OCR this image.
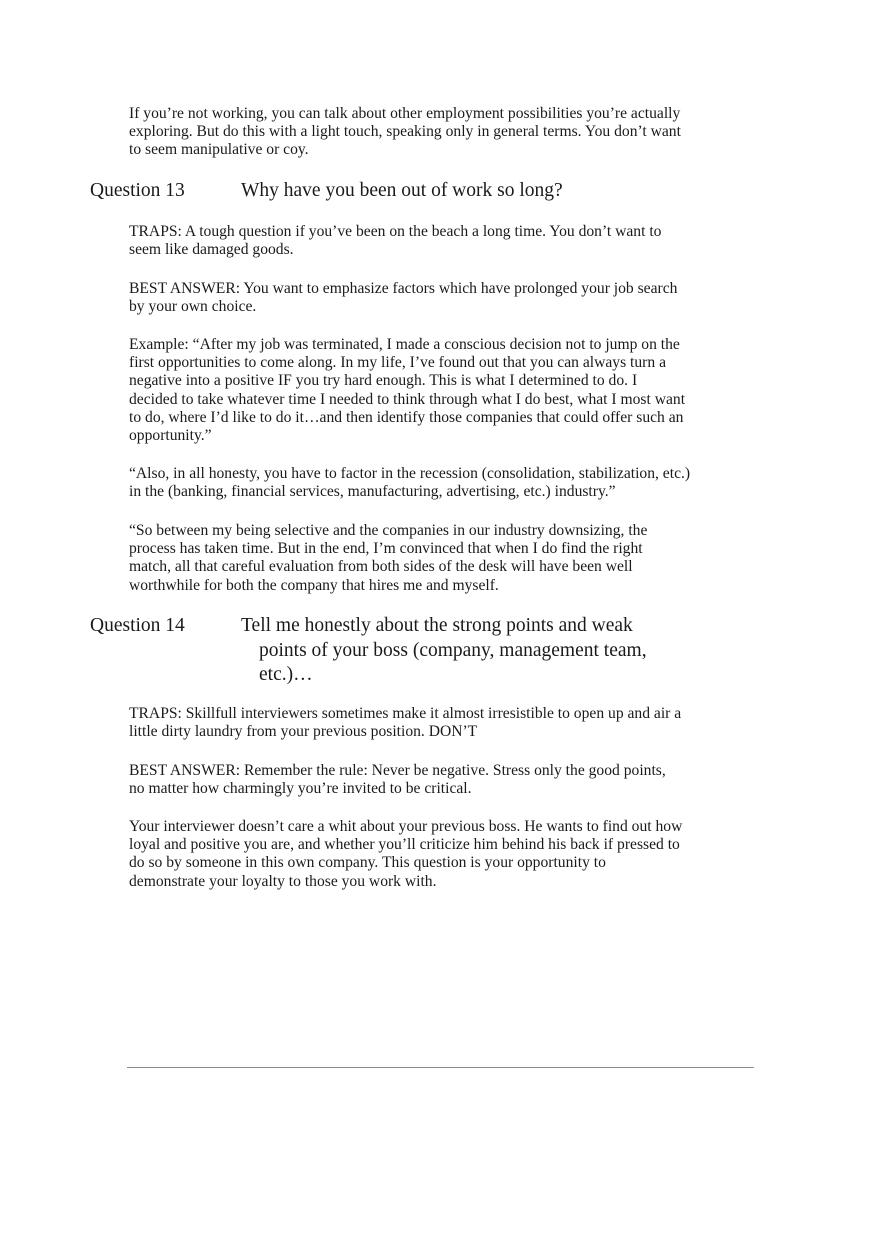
If you’re not working, you can talk about other employment possibilities you’re actually
exploring. But do this with a light touch, speaking only in general terms. You don’t want
to seem manipulative or coy.

Question 13	Why have you been out of work so long?

TRAPS: A tough question if you’ve been on the beach a long time. You don’t want to
seem like damaged goods.

BEST ANSWER: You want to emphasize factors which have prolonged your job search
by your own choice.

Example: “After my job was terminated, I made a conscious decision not to jump on the
first opportunities to come along. In my life, I’ve found out that you can always turn a
negative into a positive IF you try hard enough. This is what I determined to do. I
decided to take whatever time I needed to think through what I do best, what I most want
to do, where I’d like to do it…and then identify those companies that could offer such an
opportunity.”

“Also, in all honesty, you have to factor in the recession (consolidation, stabilization, etc.)
in the (banking, financial services, manufacturing, advertising, etc.) industry.”

“So between my being selective and the companies in our industry downsizing, the
process has taken time. But in the end, I’m convinced that when I do find the right
match, all that careful evaluation from both sides of the desk will have been well
worthwhile for both the company that hires me and myself.

Question 14	Tell me honestly about the strong points and weak
points of your boss (company, management team,
etc.)…

TRAPS: Skillfull interviewers sometimes make it almost irresistible to open up and air a
little dirty laundry from your previous position. DON’T

BEST ANSWER: Remember the rule: Never be negative. Stress only the good points,
no matter how charmingly you’re invited to be critical.

Your interviewer doesn’t care a whit about your previous boss. He wants to find out how
loyal and positive you are, and whether you’ll criticize him behind his back if pressed to
do so by someone in this own company. This question is your opportunity to
demonstrate your loyalty to those you work with.
